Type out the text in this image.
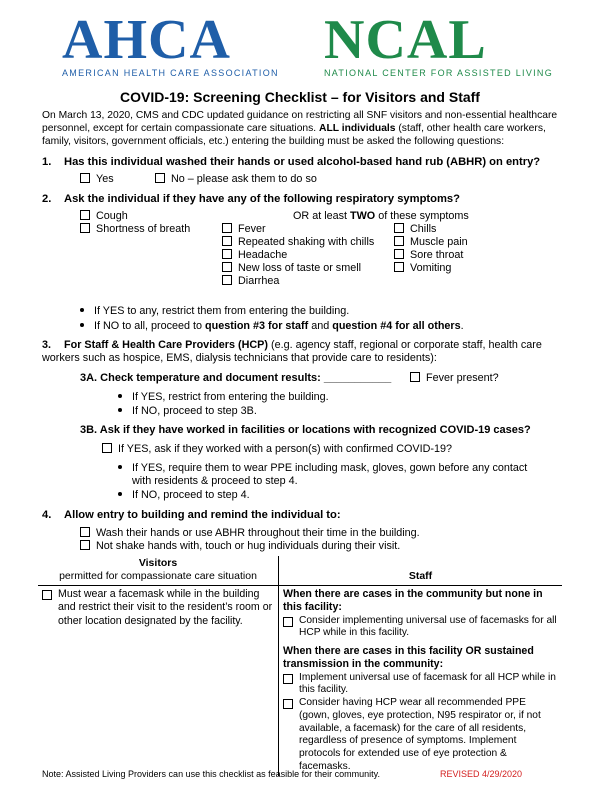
AHCA
AMERICAN HEALTH CARE ASSOCIATION
NCAL
NATIONAL CENTER FOR ASSISTED LIVING
COVID-19: Screening Checklist – for Visitors and Staff
On March 13, 2020, CMS and CDC updated guidance on restricting all SNF visitors and non-essential healthcare personnel, except for certain compassionate care situations. ALL individuals (staff, other health care workers, family, visitors, government officials, etc.) entering the building must be asked the following questions:
1. Has this individual washed their hands or used alcohol-based hand rub (ABHR) on entry?
Yes	No – please ask them to do so
2. Ask the individual if they have any of the following respiratory symptoms?
Cough
Shortness of breath
OR at least TWO of these symptoms
Fever
Repeated shaking with chills
Headache
New loss of taste or smell
Diarrhea
Chills
Muscle pain
Sore throat
Vomiting
If YES to any, restrict them from entering the building.
If NO to all, proceed to question #3 for staff and question #4 for all others.
3. For Staff & Health Care Providers (HCP) (e.g. agency staff, regional or corporate staff, health care workers such as hospice, EMS, dialysis technicians that provide care to residents):
3A. Check temperature and document results: ___________	Fever present?
If YES, restrict from entering the building.
If NO, proceed to step 3B.
3B. Ask if they have worked in facilities or locations with recognized COVID-19 cases?
If YES, ask if they worked with a person(s) with confirmed COVID-19?
If YES, require them to wear PPE including mask, gloves, gown before any contact
with residents & proceed to step 4.
If NO, proceed to step 4.
4. Allow entry to building and remind the individual to:
Wash their hands or use ABHR throughout their time in the building.
Not shake hands with, touch or hug individuals during their visit.
Visitors
permitted for compassionate care situation	Staff

Must wear a facemask while in the building and restrict their visit to the resident’s room or other location designated by the facility.	When there are cases in the community but none in this facility:
Consider implementing universal use of facemasks for all HCP while in this facility.
When there are cases in this facility OR sustained transmission in the community:
Implement universal use of facemask for all HCP while in this facility.
Consider having HCP wear all recommended PPE (gown, gloves, eye protection, N95 respirator or, if not available, a facemask) for the care of all residents, regardless of presence of symptoms. Implement protocols for extended use of eye protection & facemasks.
Note: Assisted Living Providers can use this checklist as feasible for their community.	REVISED 4/29/2020
